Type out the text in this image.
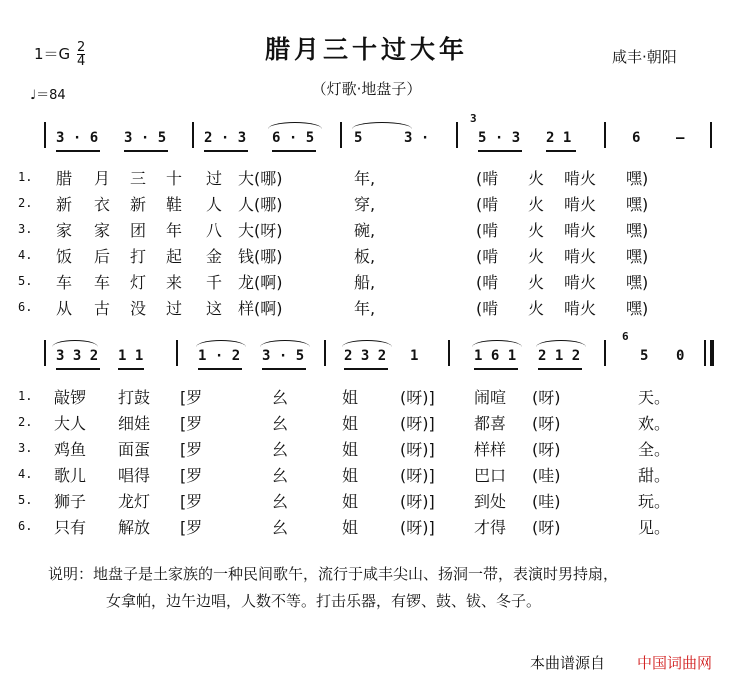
腊月三十过大年
$1=G \frac{2}{4}$	咸丰·朝阳
（灯歌·地盘子）
♩＝84
3 · 6 3 · 5	2 · 3 6 · 5	5	3 ·
3
5 · 3 2 1	6	—
1. 腊 月 三 十 过 大(哪)	年,	(啃 火 啃火 嘿)
2. 新 衣 新 鞋 人 人(哪)	穿,	(啃 火 啃火 嘿)
3. 家 家 团 年 八 大(呀)	碗,	(啃 火 啃火 嘿)
4. 饭 后 打 起 金 钱(哪)	板,	(啃 火 啃火 嘿)
5. 车 车 灯 来 千 龙(啊)	船,	(啃 火 啃火 嘿)
6. 从 古 没 过 这 样(啊)	年,	(啃 火 啃火 嘿)
3 3 2 1 1	1 · 2 3 · 5	2 3 2 1	1 6 1 2 1 2
6
5 0
1. 敲锣 打鼓 [罗	幺	姐	(呀)] 闹喧 (呀)	天。
2. 大人 细娃 [罗	幺	姐	(呀)] 都喜 (呀)	欢。
3. 鸡鱼 面蛋 [罗	幺	姐	(呀)] 样样 (呀)	全。
4. 歌儿 唱得 [罗	幺	姐	(呀)] 巴口 (哇)	甜。
5. 狮子 龙灯 [罗	幺	姐	(呀)] 到处 (哇)	玩。
6. 只有 解放 [罗	幺	姐	(呀)] 才得 (呀)	见。
说明：地盘子是土家族的一种民间歌午，流行于咸丰尖山、扬洞一带，表演时男持扇，
女拿帕，边午边唱，人数不等。打击乐器，有锣、鼓、钹、冬子。
本曲谱源自 中国词曲网
